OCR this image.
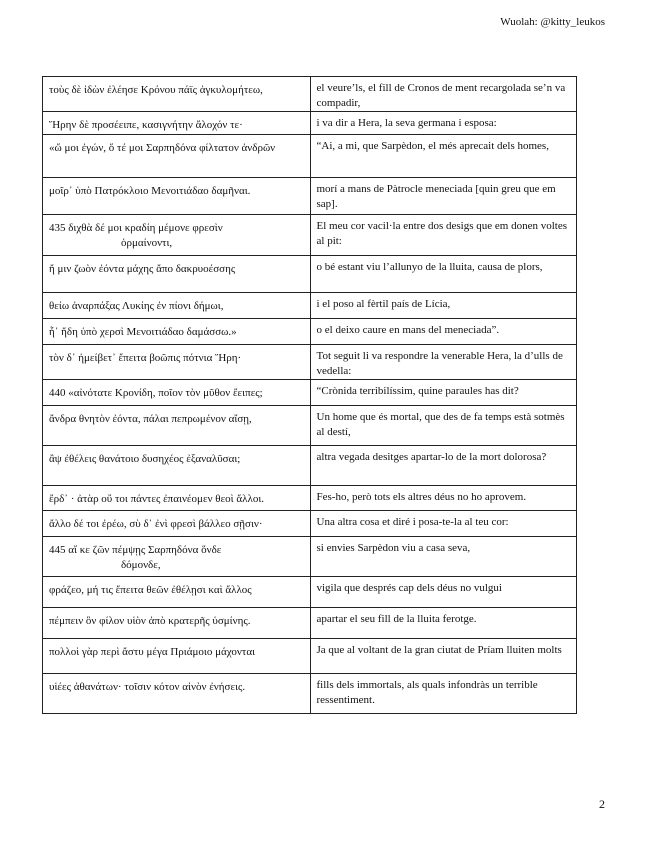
Wuolah: @kitty_leukos
τοὺς δὲ ἰδὼν ἐλέησε Κρόνου πάϊς ἀγκυλομήτεω,	el veure’ls, el fill de Cronos de ment recargolada se’n va compadir,

Ἥρην δὲ προσέειπε, κασιγνήτην ἄλοχόν τε·	i va dir a Hera, la seva germana i esposa:

«ὤ μοι ἐγών, ὅ τέ μοι Σαρπηδόνα φίλτατον ἀνδρῶν	“Ai, a mi, que Sarpèdon, el més aprecait dels homes,

μοῖρ᾽ ὑπὸ Πατρόκλοιο Μενοιτιάδαο δαμῆναι.	morí a mans de Pàtrocle meneciada [quin greu que em sap].

435 διχθὰ δέ μοι κραδίη μέμονε φρεσὶν
ὁρμαίνοντι,	El meu cor vacil·la entre dos desigs que em donen voltes al pit:

ἤ μιν ζωὸν ἐόντα μάχης ἄπο δακρυοέσσης	o bé estant viu l’allunyo de la lluita, causa de plors,

θείω ἀναρπάξας Λυκίης ἐν πίονι δήμωι,	i el poso al fèrtil país de Lícia,

ἦ᾽ ἤδη ὑπὸ χερσὶ Μενοιτιάδαο δαμάσσω.»	o el deixo caure en mans del meneciada”.

τὸν δ᾽ ἠμείβετ᾽ ἔπειτα βοῶπις πότνια Ἥρη·	Tot seguit li va respondre la venerable Hera, la d’ulls de vedella:

440 «αἰνότατε Κρονίδη, ποῖον τὸν μῦθον ἔειπες;	“Crònida terribilíssim, quine paraules has dit?

ἄνδρα θνητὸν ἐόντα, πάλαι πεπρωμένον αἴσῃ,	Un home que és mortal, que des de fa temps està sotmès al destí,

ἂψ ἐθέλεις θανάτοιο δυσηχέος ἐξαναλῦσαι;	altra vegada desitges apartar-lo de la mort dolorosa?

ἔρδ᾽ · ἀτὰρ οὔ τοι πάντες ἐπαινέομεν θεοὶ ἄλλοι.	Fes-ho, però tots els altres déus no ho aprovem.

ἄλλο δέ τοι ἐρέω, σὺ δ᾽ ἐνὶ φρεσὶ βάλλεο σῇσιν·	Una altra cosa et diré i posa-te-la al teu cor:

445 αἴ κε ζῶν πέμψῃς Σαρπηδόνα ὅνδε
δόμονδε,	si envies Sarpèdon viu a casa seva,

φράζεο, μή τις ἔπειτα θεῶν ἐθέλῃσι καὶ ἄλλος	vigila que després cap dels déus no vulgui

πέμπειν ὃν φίλον υἱὸν ἀπὸ κρατερῆς ὑσμίνης.	apartar el seu fill de la lluita ferotge.

πολλοὶ γὰρ περὶ ἄστυ μέγα Πριάμοιο μάχονται	Ja que al voltant de la gran ciutat de Príam lluiten molts

υἱέες ἀθανάτων· τοῖσιν κότον αἰνὸν ἐνήσεις.	fills dels immortals, als quals infondràs un terrible ressentiment.
2
